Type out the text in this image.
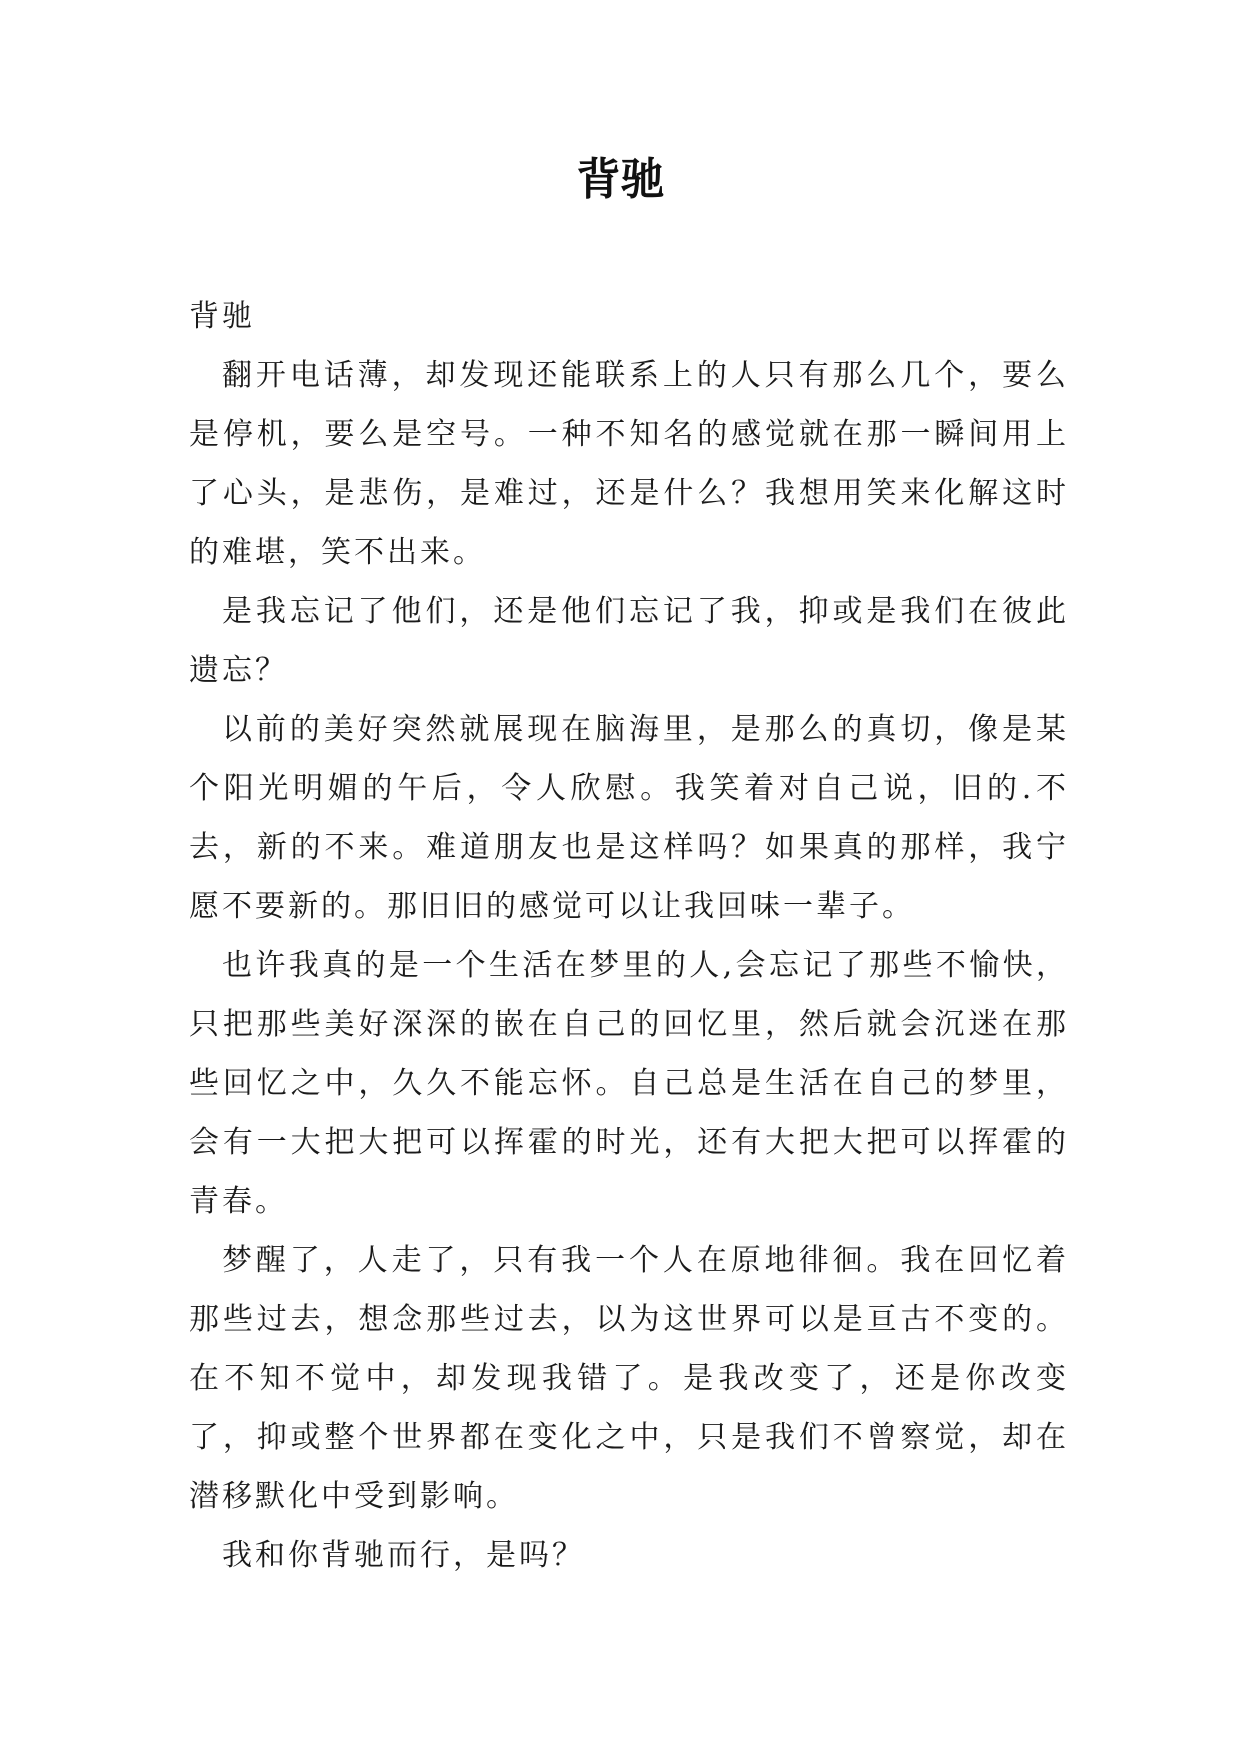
背驰

背驰

翻开电话薄，却发现还能联系上的人只有那么几个，要么是停机，要么是空号。一种不知名的感觉就在那一瞬间用上了心头，是悲伤，是难过，还是什么？我想用笑来化解这时的难堪，笑不出来。

是我忘记了他们，还是他们忘记了我，抑或是我们在彼此遗忘？

以前的美好突然就展现在脑海里，是那么的真切，像是某个阳光明媚的午后，令人欣慰。我笑着对自己说，旧的.不去，新的不来。难道朋友也是这样吗？如果真的那样，我宁愿不要新的。那旧旧的感觉可以让我回味一辈子。

也许我真的是一个生活在梦里的人,会忘记了那些不愉快，只把那些美好深深的嵌在自己的回忆里，然后就会沉迷在那些回忆之中，久久不能忘怀。自己总是生活在自己的梦里，会有一大把大把可以挥霍的时光，还有大把大把可以挥霍的青春。

梦醒了，人走了，只有我一个人在原地徘徊。我在回忆着那些过去，想念那些过去，以为这世界可以是亘古不变的。在不知不觉中，却发现我错了。是我改变了，还是你改变了，抑或整个世界都在变化之中，只是我们不曾察觉，却在潜移默化中受到影响。

我和你背驰而行，是吗？
